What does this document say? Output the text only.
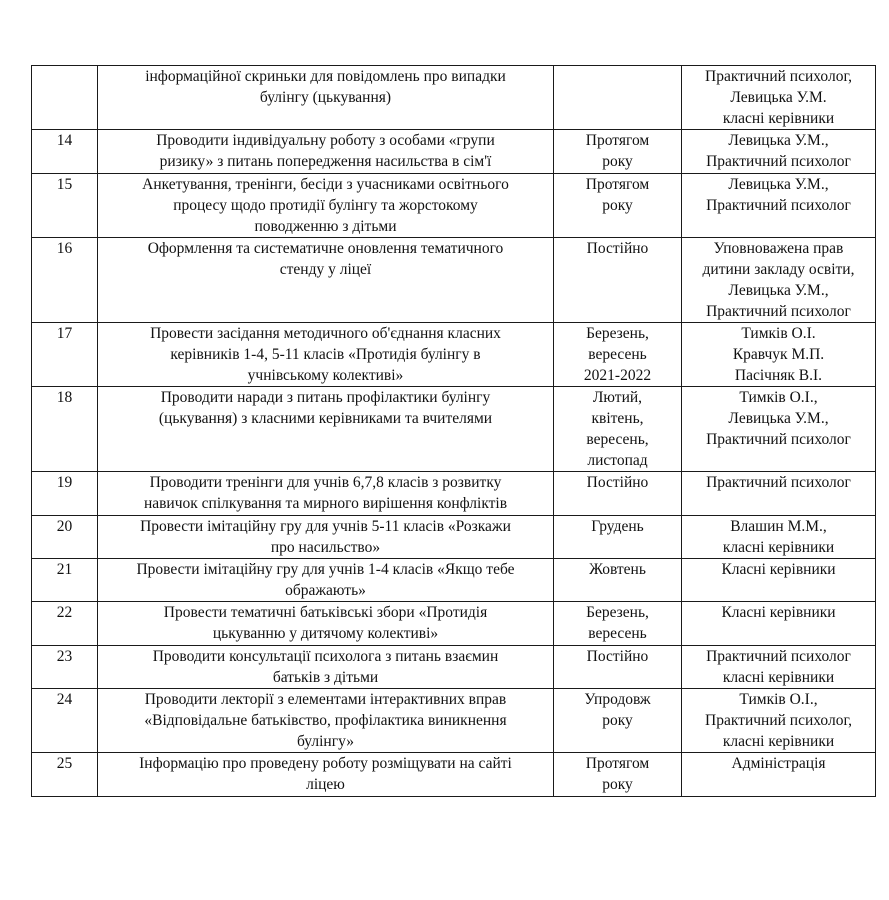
	інформаційної скриньки для повідомлень про випадки
булінгу (цькування)		Практичний психолог,
Левицька У.М.
класні керівники

14	Проводити індивідуальну роботу з особами «групи
ризику» з питань попередження насильства в сім'ї	Протягом
року	Левицька У.М.,
Практичний психолог

15	Анкетування, тренінги, бесіди з учасниками освітнього
процесу щодо протидії булінгу та жорстокому
поводженню з дітьми	Протягом
року	Левицька У.М.,
Практичний психолог

16	Оформлення та систематичне оновлення тематичного
стенду у ліцеї	Постійно	Уповноважена прав
дитини закладу освіти,
Левицька У.М.,
Практичний психолог

17	Провести засідання методичного об'єднання класних
керівників 1-4, 5-11 класів «Протидія булінгу в
учнівському колективі»	Березень,
вересень
2021-2022	Тимків О.І.
Кравчук М.П.
Пасічняк В.І.

18	Проводити наради з питань профілактики булінгу
(цькування) з класними керівниками та вчителями	Лютий,
квітень,
вересень,
листопад	Тимків О.І.,
Левицька У.М.,
Практичний психолог

19	Проводити тренінги для учнів 6,7,8 класів з розвитку
навичок спілкування та мирного вирішення конфліктів	Постійно	Практичний психолог

20	Провести імітаційну гру для учнів 5-11 класів «Розкажи
про насильство»	Грудень	Влашин М.М.,
класні керівники

21	Провести імітаційну гру для учнів 1-4 класів «Якщо тебе
ображають»	Жовтень	Класні керівники

22	Провести тематичні батьківські збори «Протидія
цькуванню у дитячому колективі»	Березень,
вересень	Класні керівники

23	Проводити консультації психолога з питань взаємин
батьків з дітьми	Постійно	Практичний психолог
класні керівники

24	Проводити лекторії з елементами інтерактивних вправ
«Відповідальне батьківство, профілактика виникнення
булінгу»	Упродовж
року	Тимків О.І.,
Практичний психолог,
класні керівники

25	Інформацію про проведену роботу розміщувати на сайті
ліцею	Протягом
року	Адміністрація
